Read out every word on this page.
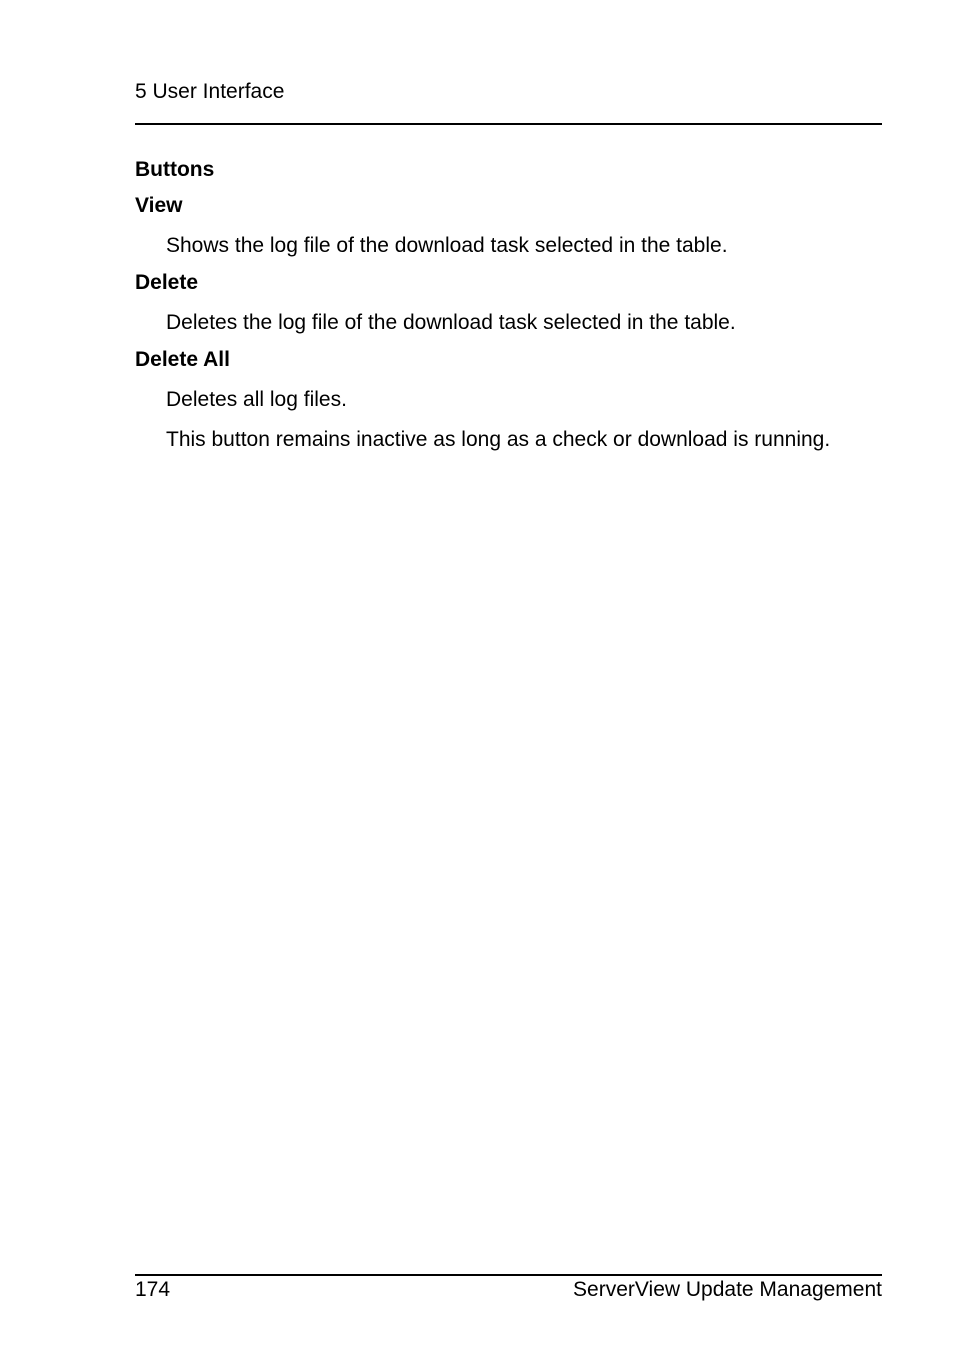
5 User Interface
Buttons
View
Shows the log file of the download task selected in the table.
Delete
Deletes the log file of the download task selected in the table.
Delete All
Deletes all log files.
This button remains inactive as long as a check or download is running.
174	ServerView Update Management
